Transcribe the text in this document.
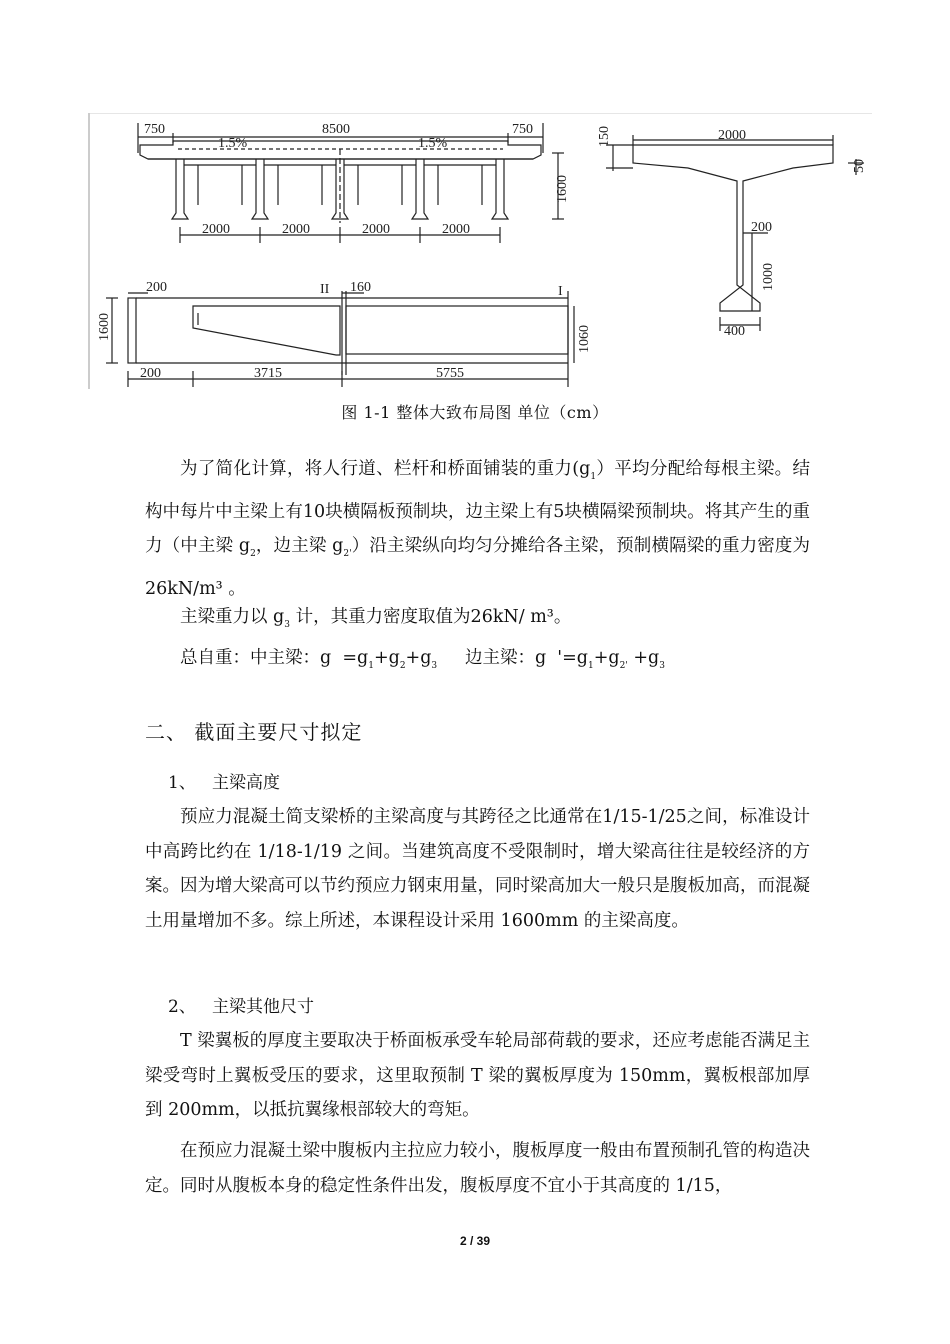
750	8500	750
1.5%	1.5%
1600
2000	2000	2000	2000
2000
150
50
200
1000
400
200	II 160	I
1600	1060
200	3715	5755
图 1-1 整体大致布局图 单位（cm）

为了简化计算，将人行道、栏杆和桥面铺装的重力$(g_1)$平均分配给每根主梁。结构中每片中主梁上有10块横隔板预制块，边主梁上有5块横隔梁预制块。将其产生的重力（中主梁 $g_2$，边主梁 $g_{2'}$）沿主梁纵向均匀分摊给各主梁，预制横隔梁的重力密度为26kN/m³ 。

主梁重力以 $g_3$ 计，其重力密度取值为26kN/ m³。

总自重：中主梁：$g =g_1+g_2+g_3$     边主梁：g  '$=g_1+g_{2'} +g_3$

二、 截面主要尺寸拟定
1、 主梁高度

预应力混凝土简支梁桥的主梁高度与其跨径之比通常在1/15-1/25之间，标准设计中高跨比约在 1/18-1/19 之间。当建筑高度不受限制时，增大梁高往往是较经济的方案。因为增大梁高可以节约预应力钢束用量，同时梁高加大一般只是腹板加高，而混凝土用量增加不多。综上所述，本课程设计采用 1600mm 的主梁高度。

2、 主梁其他尺寸

T 梁翼板的厚度主要取决于桥面板承受车轮局部荷载的要求，还应考虑能否满足主梁受弯时上翼板受压的要求，这里取预制 T 梁的翼板厚度为 150mm，翼板根部加厚到 200mm，以抵抗翼缘根部较大的弯矩。

在预应力混凝土梁中腹板内主拉应力较小，腹板厚度一般由布置预制孔管的构造决定。同时从腹板本身的稳定性条件出发，腹板厚度不宜小于其高度的 1/15，

2 / 39
